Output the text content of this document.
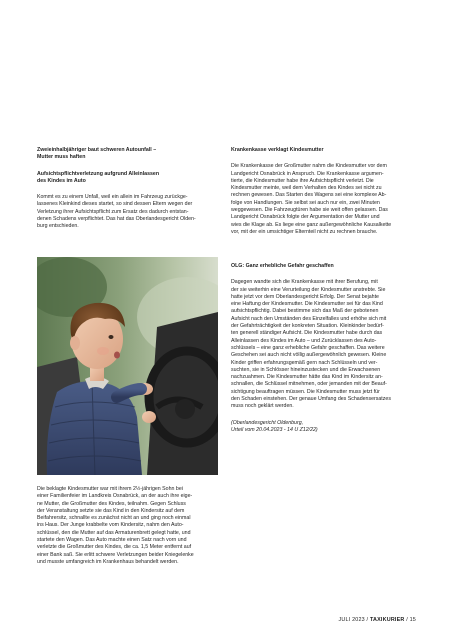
Zweieinhalbjähriger baut schweren Autounfall –
Mutter muss haften

Aufsichtspflichtverletzung aufgrund Alleinlassen
des Kindes im Auto

Kommt es zu einem Unfall, weil ein allein im Fahrzeug zurückge-

lassenes Kleinkind dieses startet, so sind dessen Eltern wegen der

Verletzung ihrer Aufsichtspflicht zum Ersatz des dadurch entstan-

denen Schadens verpflichtet. Das hat das Oberlandesgericht Olden-

burg entschieden.

Die beklagte Kindesmutter war mit ihrem 2½-jährigen Sohn bei

einer Familienfeier im Landkreis Osnabrück, an der auch ihre eige-

ne Mutter, die Großmutter des Kindes, teilnahm. Gegen Schluss

der Veranstaltung setzte sie das Kind in den Kindersitz auf dem

Beifahrersitz, schnallte es zunächst nicht an und ging noch einmal

ins Haus. Der Junge krabbelte vom Kindersitz, nahm den Auto-

schlüssel, den die Mutter auf das Armaturenbrett gelegt hatte, und

startete den Wagen. Das Auto machte einen Satz nach vorn und

verletzte die Großmutter des Kindes, die ca. 1,5 Meter entfernt auf

einer Bank saß. Sie erlitt schwere Verletzungen beider Kniegelenke

und musste umfangreich im Krankenhaus behandelt werden.

Krankenkasse verklagt Kindesmutter

Die Krankenkasse der Großmutter nahm die Kindesmutter vor dem

Landgericht Osnabrück in Anspruch. Die Krankenkasse argumen-

tierte, die Kindesmutter habe ihre Aufsichtspflicht verletzt. Die

Kindesmutter meinte, weil dem Verhalten des Kindes sei nicht zu

rechnen gewesen. Das Starten des Wagens sei eine komplexe Ab-

folge von Handlungen. Sie selbst sei auch nur ein, zwei Minuten

weggewesen. Die Fahrzeugtüren habe sie weit offen gelassen. Das

Landgericht Osnabrück folgte der Argumentation der Mutter und

wies die Klage ab. Es liege eine ganz außergewöhnliche Kausalkette

vor, mit der ein umsichtiger Elternteil nicht zu rechnen brauche.

OLG: Ganz erhebliche Gefahr geschaffen

Dagegen wandte sich die Krankenkasse mit ihrer Berufung, mit

der sie weiterhin eine Verurteilung der Kindesmutter anstrebte. Sie

hatte jetzt vor dem Oberlandesgericht Erfolg. Der Senat bejahte

eine Haftung der Kindesmutter. Die Kindesmutter sei für das Kind

aufsichtspflichtig. Dabei bestimme sich das Maß der gebotenen

Aufsicht nach den Umständen des Einzelfalles und erhöhe sich mit

der Gefahrträchtigkeit der konkreten Situation. Kleinkinder bedürf-

ten generell ständiger Aufsicht. Die Kindesmutter habe durch das

Alleinlassen des Kindes im Auto – und Zurücklassen des Auto-

schlüssels – eine ganz erhebliche Gefahr geschaffen. Das weitere

Geschehen sei auch nicht völlig außergewöhnlich gewesen. Kleine

Kinder griffen erfahrungsgemäß gern nach Schlüsseln und ver-

suchten, sie in Schlösser hineinzustecken und die Erwachsenen

nachzuahmen. Die Kindesmutter hätte das Kind im Kindersitz an-

schnallen, die Schlüssel mitnehmen, oder jemanden mit der Beauf-

sichtigung beauftragen müssen. Die Kindesmutter muss jetzt für

den Schaden einstehen. Der genaue Umfang des Schadensersatzes

muss noch geklärt werden.

(Oberlandesgericht Oldenburg,

Urteil vom 20.04.2023 - 14 U Z12/22)

JULI 2023 / TAXIKURIER / 15
